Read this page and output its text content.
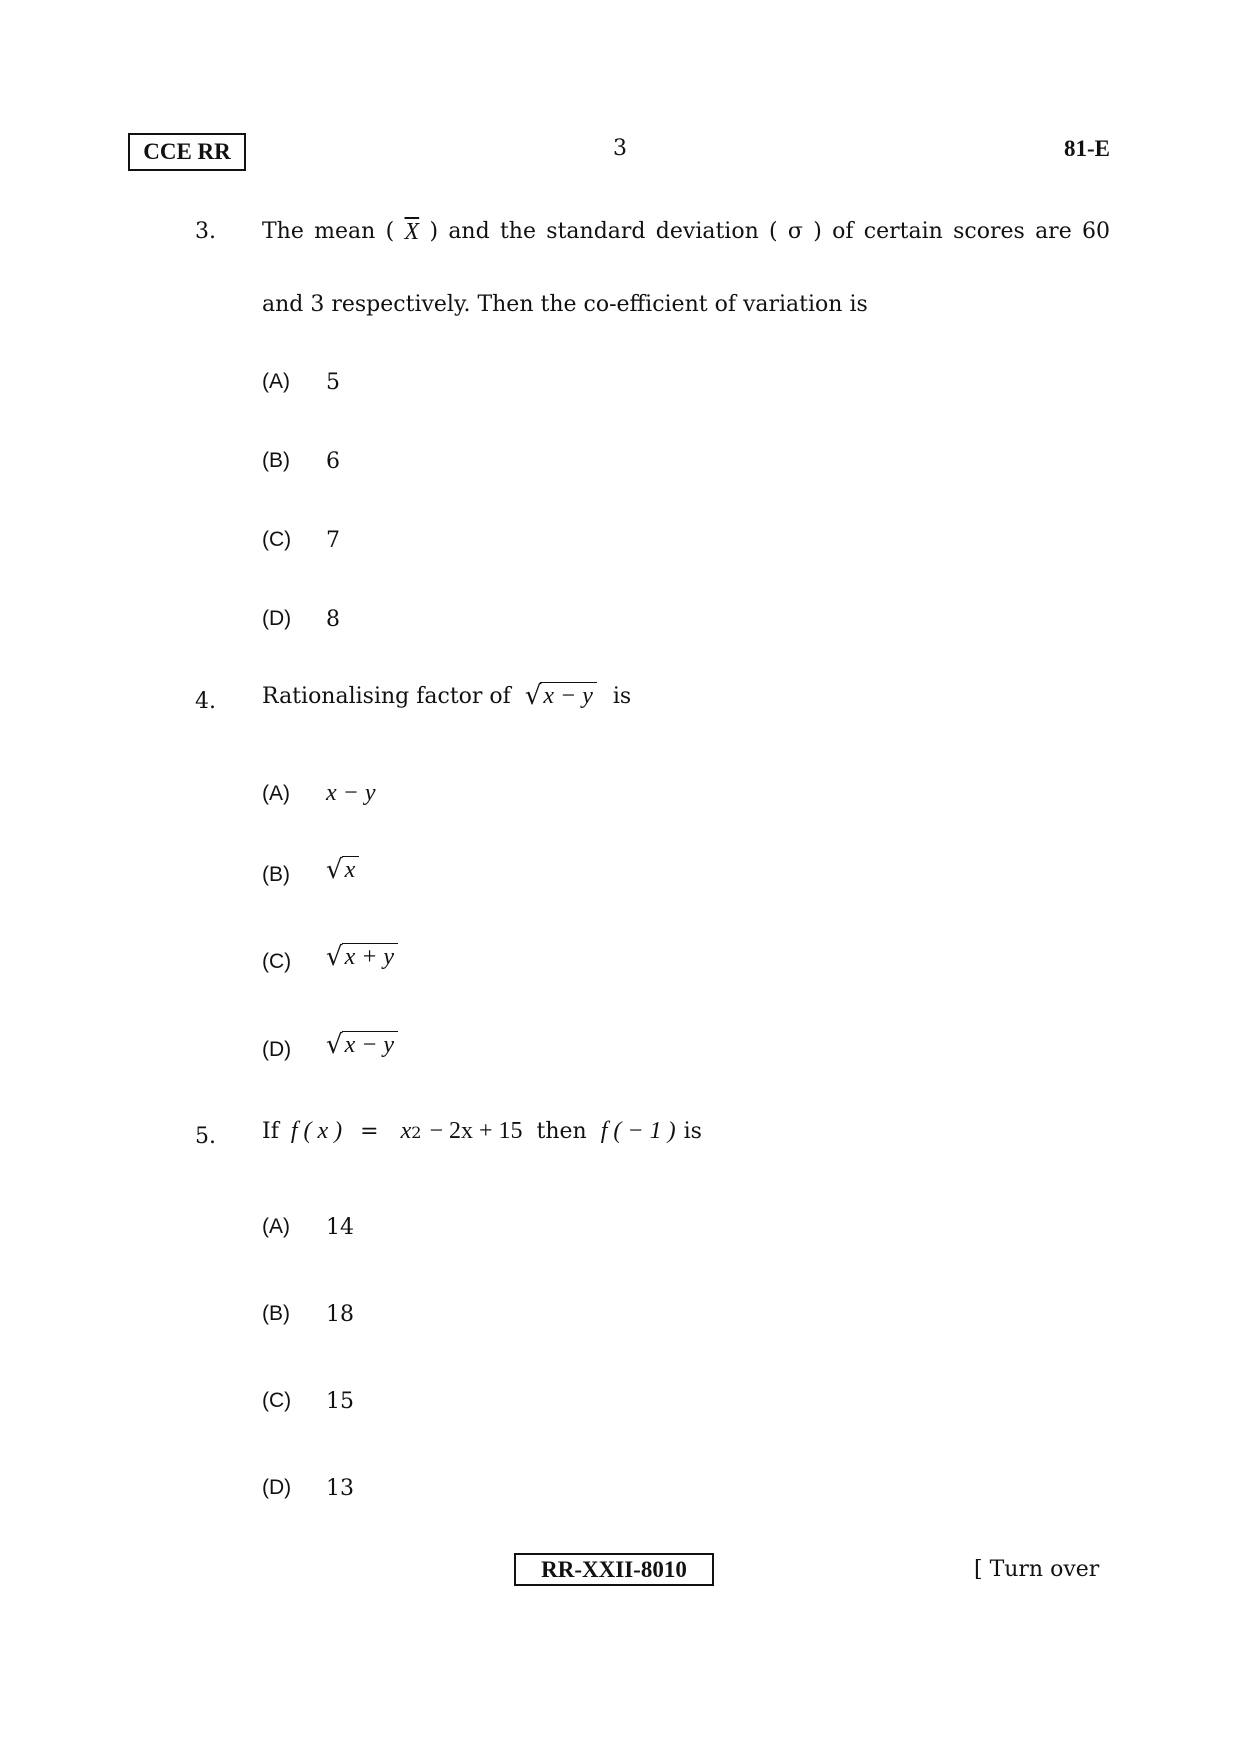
CCE RR	3	81-E
3. The mean ( $\overline{X}$ ) and the standard deviation ( σ ) of certain scores are 60
and 3 respectively. Then the co-efficient of variation is
(A) 5
(B) 6
(C) 7
(D) 8
4. Rationalising factor of √ x − y is
(A) x − y
(B) √ x
(C) √ x + y
(D) √ x − y
5. If f ( x ) = x 2 − 2x + 15 then f ( − 1 ) is
(A) 14
(B) 18
(C) 15
(D) 13
RR-XXII-8010	[ Turn over
